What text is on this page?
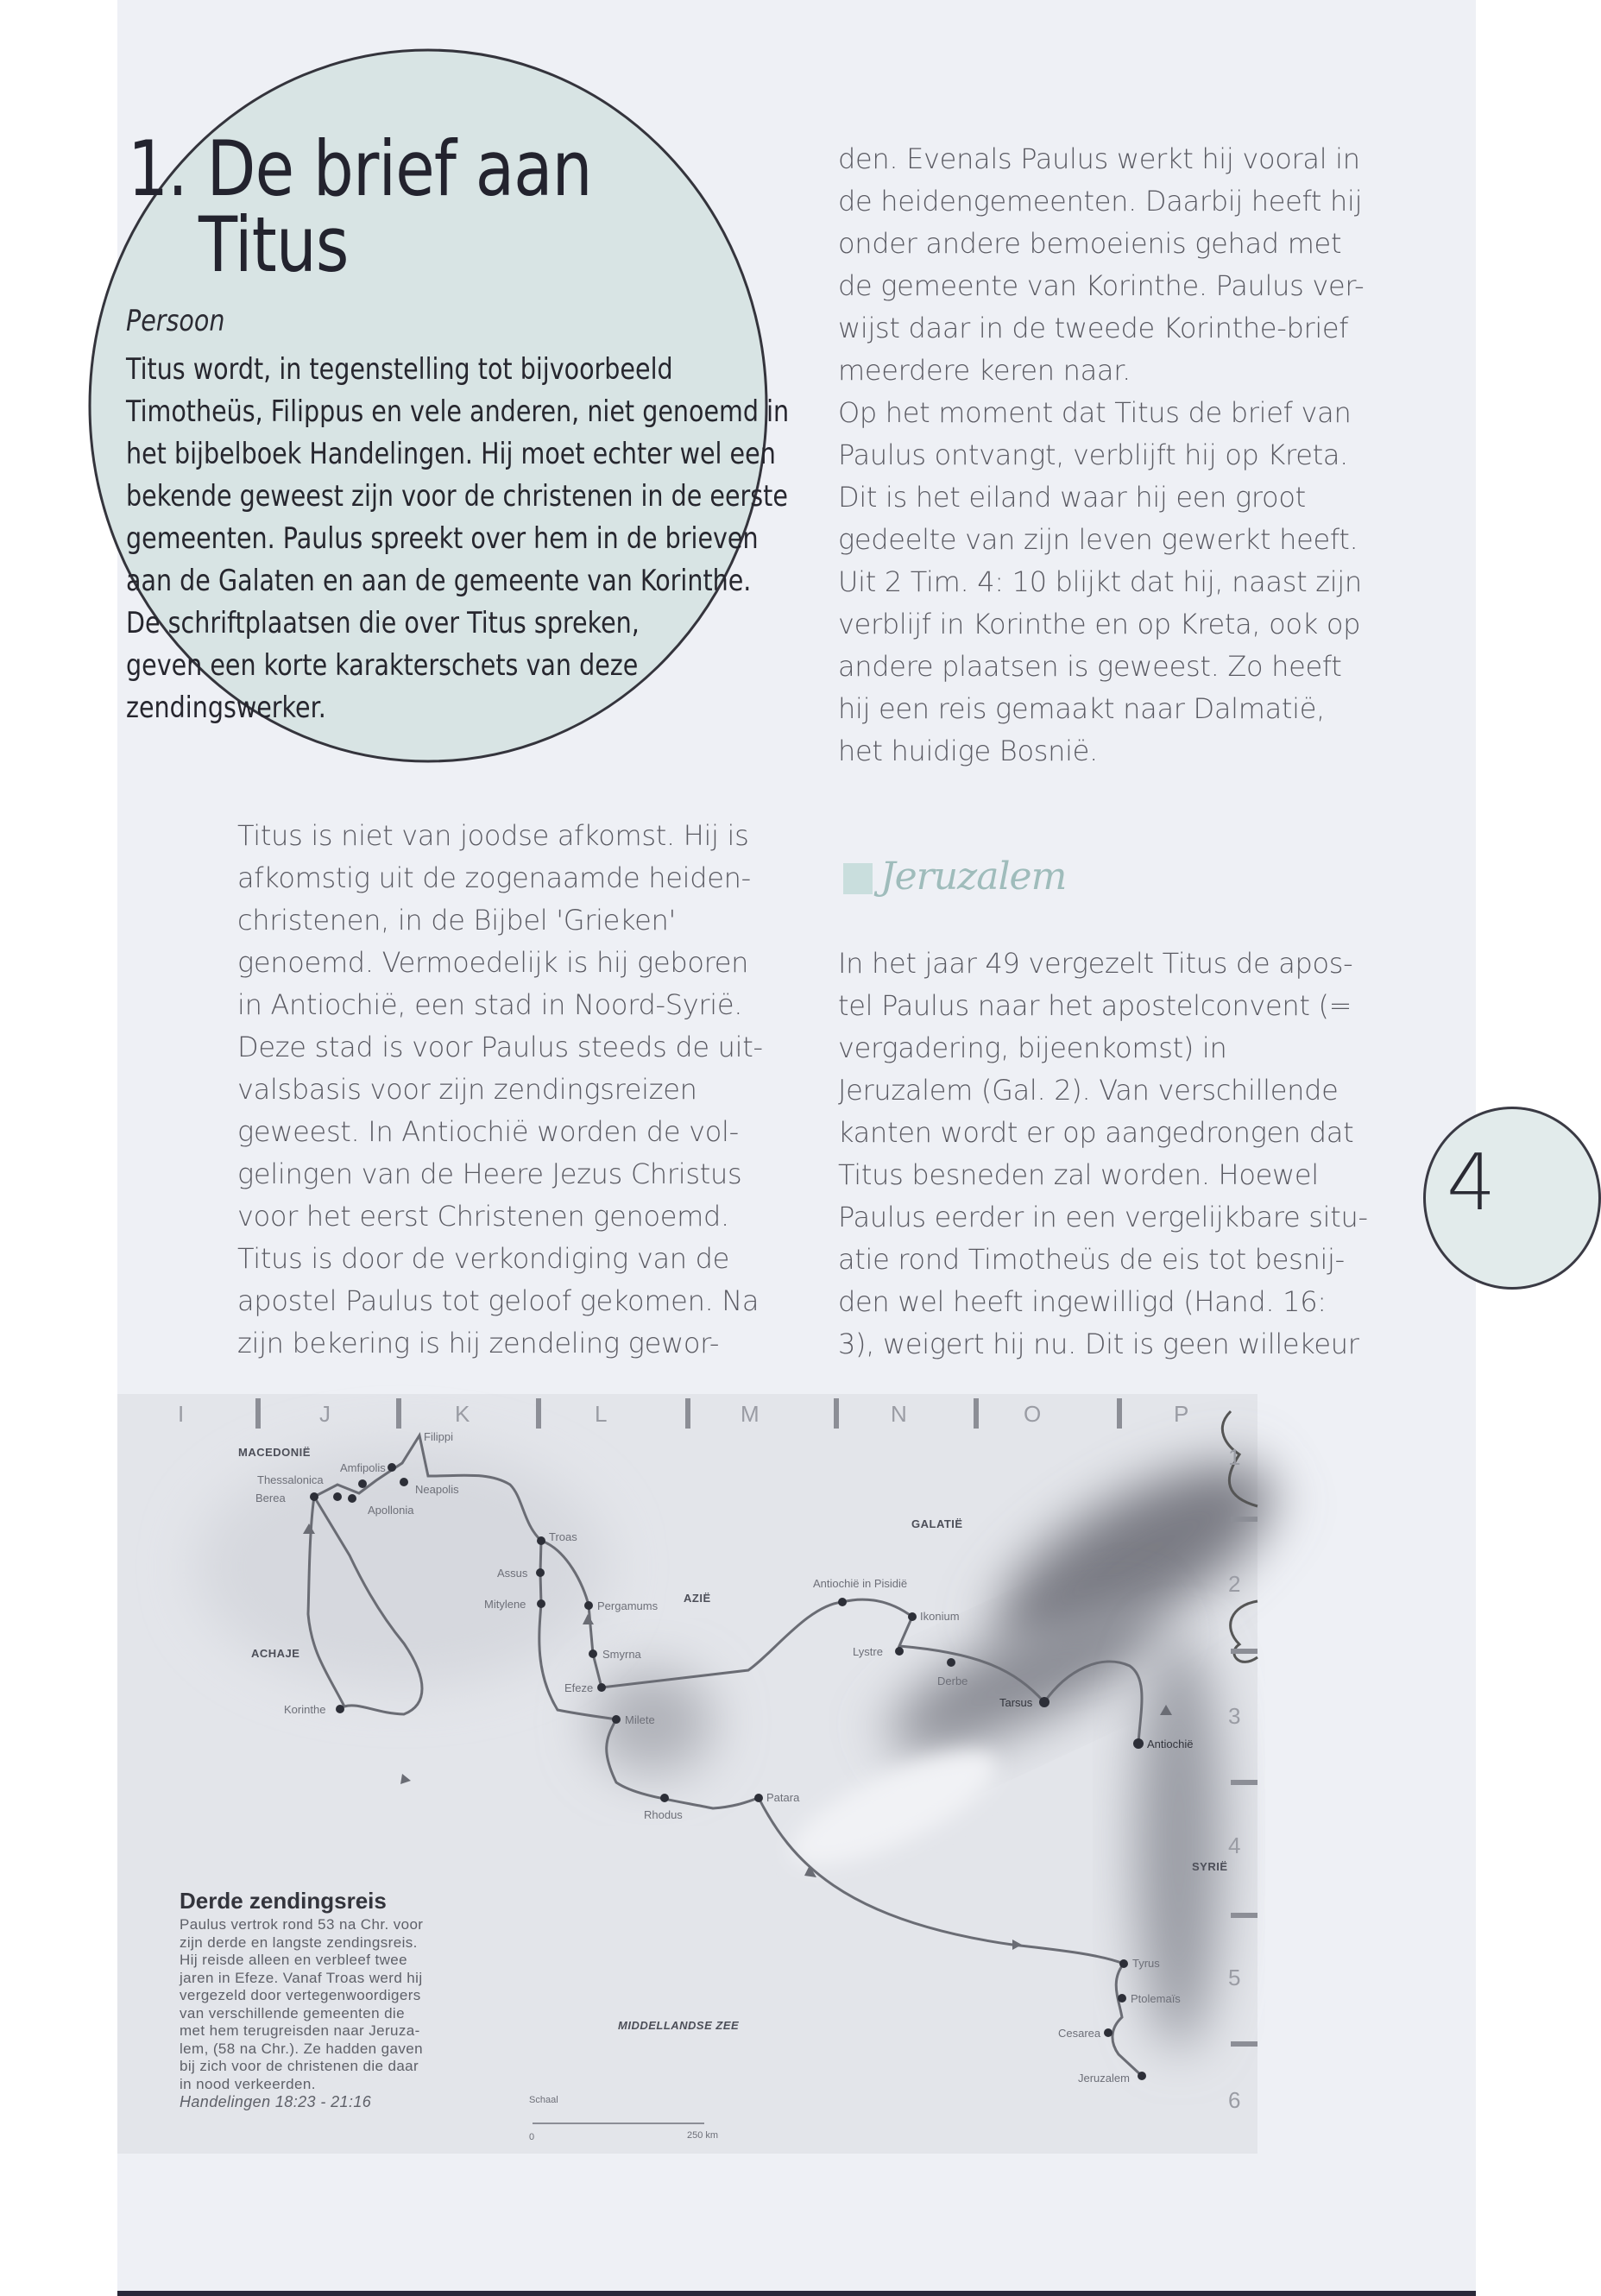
1. De brief aan
Titus
Persoon
Titus wordt, in tegenstelling tot bijvoorbeeld
Timotheüs, Filippus en vele anderen, niet genoemd in
het bijbelboek Handelingen. Hij moet echter wel een
bekende geweest zijn voor de christenen in de eerste
gemeenten. Paulus spreekt over hem in de brieven
aan de Galaten en aan de gemeente van Korinthe.
De schriftplaatsen die over Titus spreken,
geven een korte karakterschets van deze
zendingswerker.
den. Evenals Paulus werkt hij vooral in
de heidengemeenten. Daarbij heeft hij
onder andere bemoeienis gehad met
de gemeente van Korinthe. Paulus ver-
wijst daar in de tweede Korinthe-brief
meerdere keren naar.
Op het moment dat Titus de brief van
Paulus ontvangt, verblijft hij op Kreta.
Dit is het eiland waar hij een groot
gedeelte van zijn leven gewerkt heeft.
Uit 2 Tim. 4: 10 blijkt dat hij, naast zijn
verblijf in Korinthe en op Kreta, ook op
andere plaatsen is geweest. Zo heeft
hij een reis gemaakt naar Dalmatië,
het huidige Bosnië.
Titus is niet van joodse afkomst. Hij is
afkomstig uit de zogenaamde heiden-
christenen, in de Bijbel 'Grieken'
genoemd. Vermoedelijk is hij geboren
in Antiochië, een stad in Noord-Syrië.
Deze stad is voor Paulus steeds de uit-
valsbasis voor zijn zendingsreizen
geweest. In Antiochië worden de vol-
gelingen van de Heere Jezus Christus
voor het eerst Christenen genoemd.
Titus is door de verkondiging van de
apostel Paulus tot geloof gekomen. Na
zijn bekering is hij zendeling gewor-
Jeruzalem
In het jaar 49 vergezelt Titus de apos-
tel Paulus naar het apostelconvent (=
vergadering, bijeenkomst) in
Jeruzalem (Gal. 2). Van verschillende
kanten wordt er op aangedrongen dat
Titus besneden zal worden. Hoewel
Paulus eerder in een vergelijkbare situ-
atie rond Timotheüs de eis tot besnij-
den wel heeft ingewilligd (Hand. 16:
3), weigert hij nu. Dit is geen willekeur
4
I	J	K	L	M	N	O	P
1
2
3
4
5
6
MACEDONIË
ACHAJE
AZIË
GALATIË
SYRIË
MIDDELLANDSE ZEE
Filippi
Amfipolis
Thessalonica
Berea
Apollonia
Neapolis
Troas
Assus
Mitylene	Pergamums
Smyrna
Efeze
Milete
Korinthe
Rhodus
Patara
Antiochië in Pisidië
Ikonium
Lystre
Derbe
Tarsus
Antiochië
Tyrus
Ptolemaïs
Cesarea
Jeruzalem
Schaal
0	250 km
Derde zendingsreis
Paulus vertrok rond 53 na Chr. voor
zijn derde en langste zendingsreis.
Hij reisde alleen en verbleef twee
jaren in Efeze. Vanaf Troas werd hij
vergezeld door vertegenwoordigers
van verschillende gemeenten die
met hem terugreisden naar Jeruza-
lem, (58 na Chr.). Ze hadden gaven
bij zich voor de christenen die daar
in nood verkeerden.
Handelingen 18:23 - 21:16
